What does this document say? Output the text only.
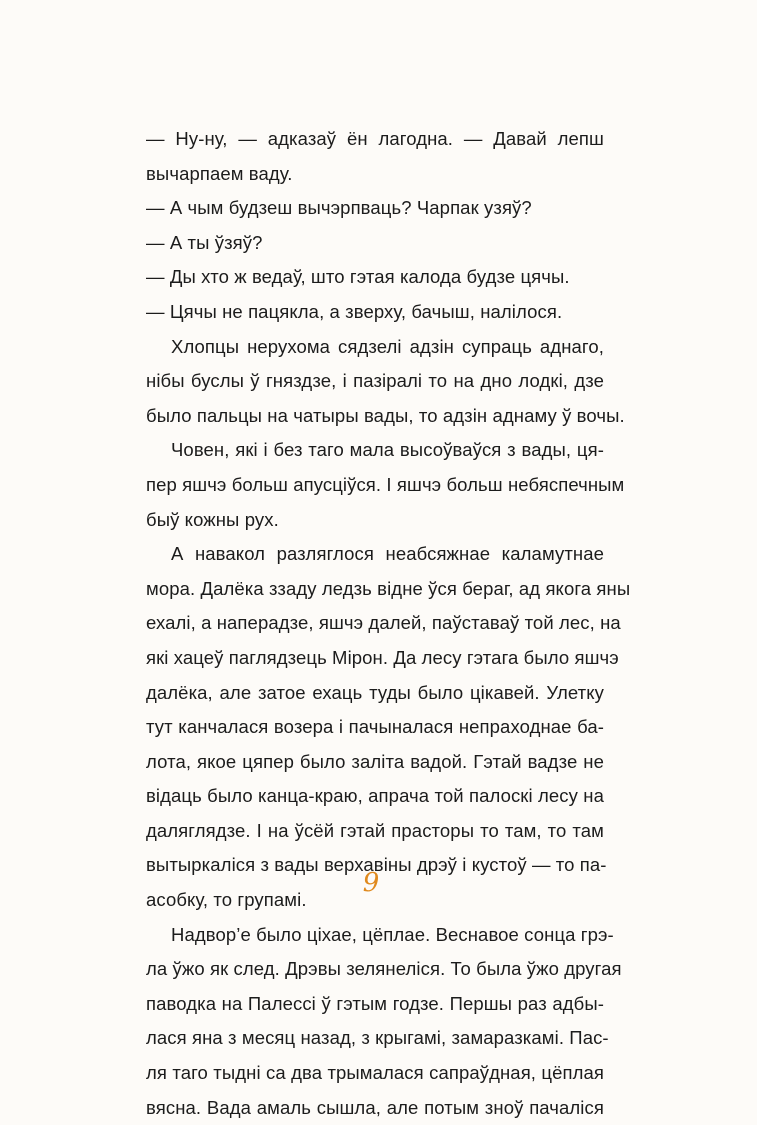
— Ну-ну, — адказаў ён лагодна. — Давай лепш
вычарпаем ваду.
— А чым будзеш вычэрпваць? Чарпак узяў?
— А ты ўзяў?
— Ды хто ж ведаў, што гэтая калода будзе цячы.
— Цячы не пацякла, а зверху, бачыш, налілося.
Хлопцы нерухома сядзелі адзін супраць аднаго,
нібы буслы ў гняздзе, і пазіралі то на дно лодкі, дзе
было пальцы на чатыры вады, то адзін аднаму ў вочы.
Човен, які і без таго мала высоўваўся з вады, ця-
пер яшчэ больш апусціўся. І яшчэ больш небяспечным
быў кожны рух.
А навакол разляглося неабсяжнае каламутнае
мора. Далёка ззаду ледзь відне ўся бераг, ад якога яны
ехалі, а наперадзе, яшчэ далей, паўставаў той лес, на
які хацеў паглядзець Мірон. Да лесу гэтага было яшчэ
далёка, але затое ехаць туды было цікавей. Улетку
тут канчалася возера і пачыналася непраходнае ба-
лота, якое цяпер было заліта вадой. Гэтай вадзе не
відаць было канца-краю, апрача той палоскі лесу на
даляглядзе. І на ўсёй гэтай прасторы то там, то там
вытыркаліся з вады верхавіны дрэў і кустоў — то па-
асобку, то групамі.
Надвор’е было ціхае, цёплае. Веснавое сонца грэ-
ла ўжо як след. Дрэвы зелянеліся. То была ўжо другая
паводка на Палессі ў гэтым годзе. Першы раз адбы-
лася яна з месяц назад, з крыгамі, замаразкамі. Пас-
ля таго тыдні са два трымалася сапраўдная, цёплая
вясна. Вада амаль сышла, але потым зноў пачаліся
9
